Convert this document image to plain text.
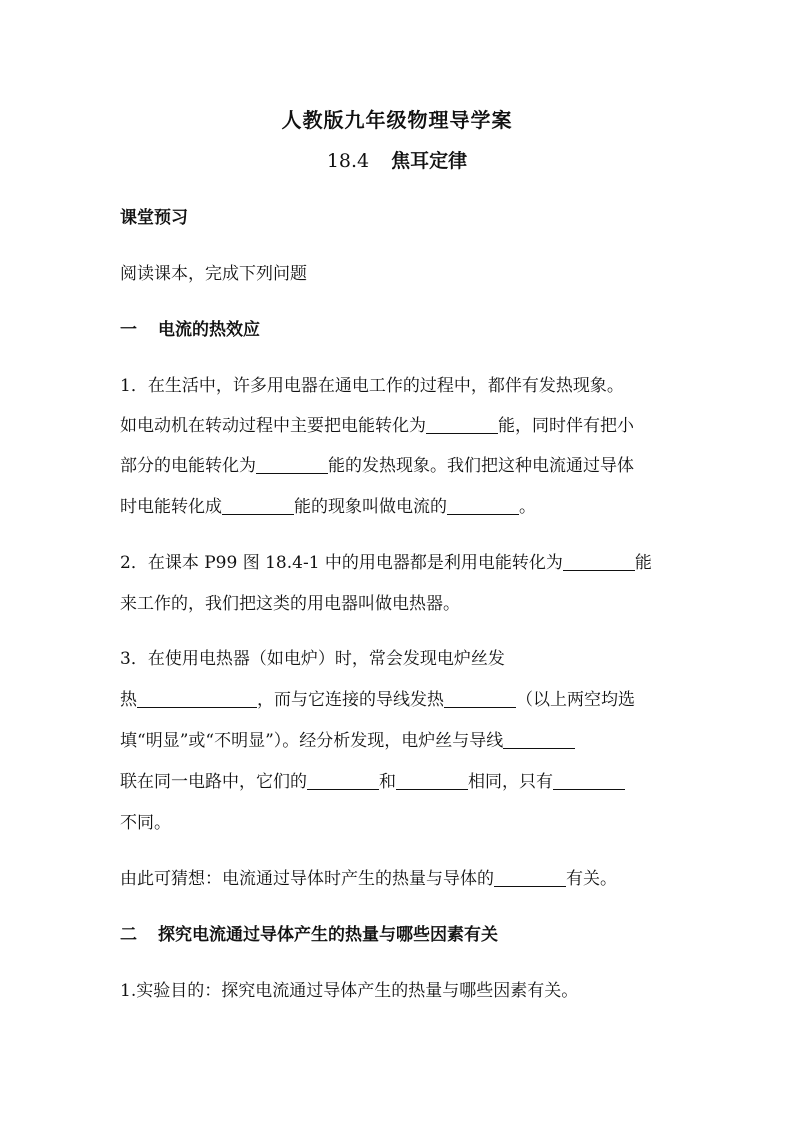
人教版九年级物理导学案
18.4 焦耳定律
课堂预习
阅读课本，完成下列问题
一 电流的热效应
1．在生活中，许多用电器在通电工作的过程中，都伴有发热现象。
如电动机在转动过程中主要把电能转化为	能，同时伴有把小
部分的电能转化为	能的发热现象。我们把这种电流通过导体
时电能转化成	能的现象叫做电流的	。
2．在课本 P99 图 18.4-1 中的用电器都是利用电能转化为	能
来工作的，我们把这类的用电器叫做电热器。
3．在使用电热器（如电炉）时，常会发现电炉丝发
热	，而与它连接的导线发热	（以上两空均选
填“明显”或“不明显”）。经分析发现，电炉丝与导线
联在同一电路中，它们的	和	相同，只有
不同。
由此可猜想：电流通过导体时产生的热量与导体的	有关。
二 探究电流通过导体产生的热量与哪些因素有关
1.实验目的：探究电流通过导体产生的热量与哪些因素有关。
